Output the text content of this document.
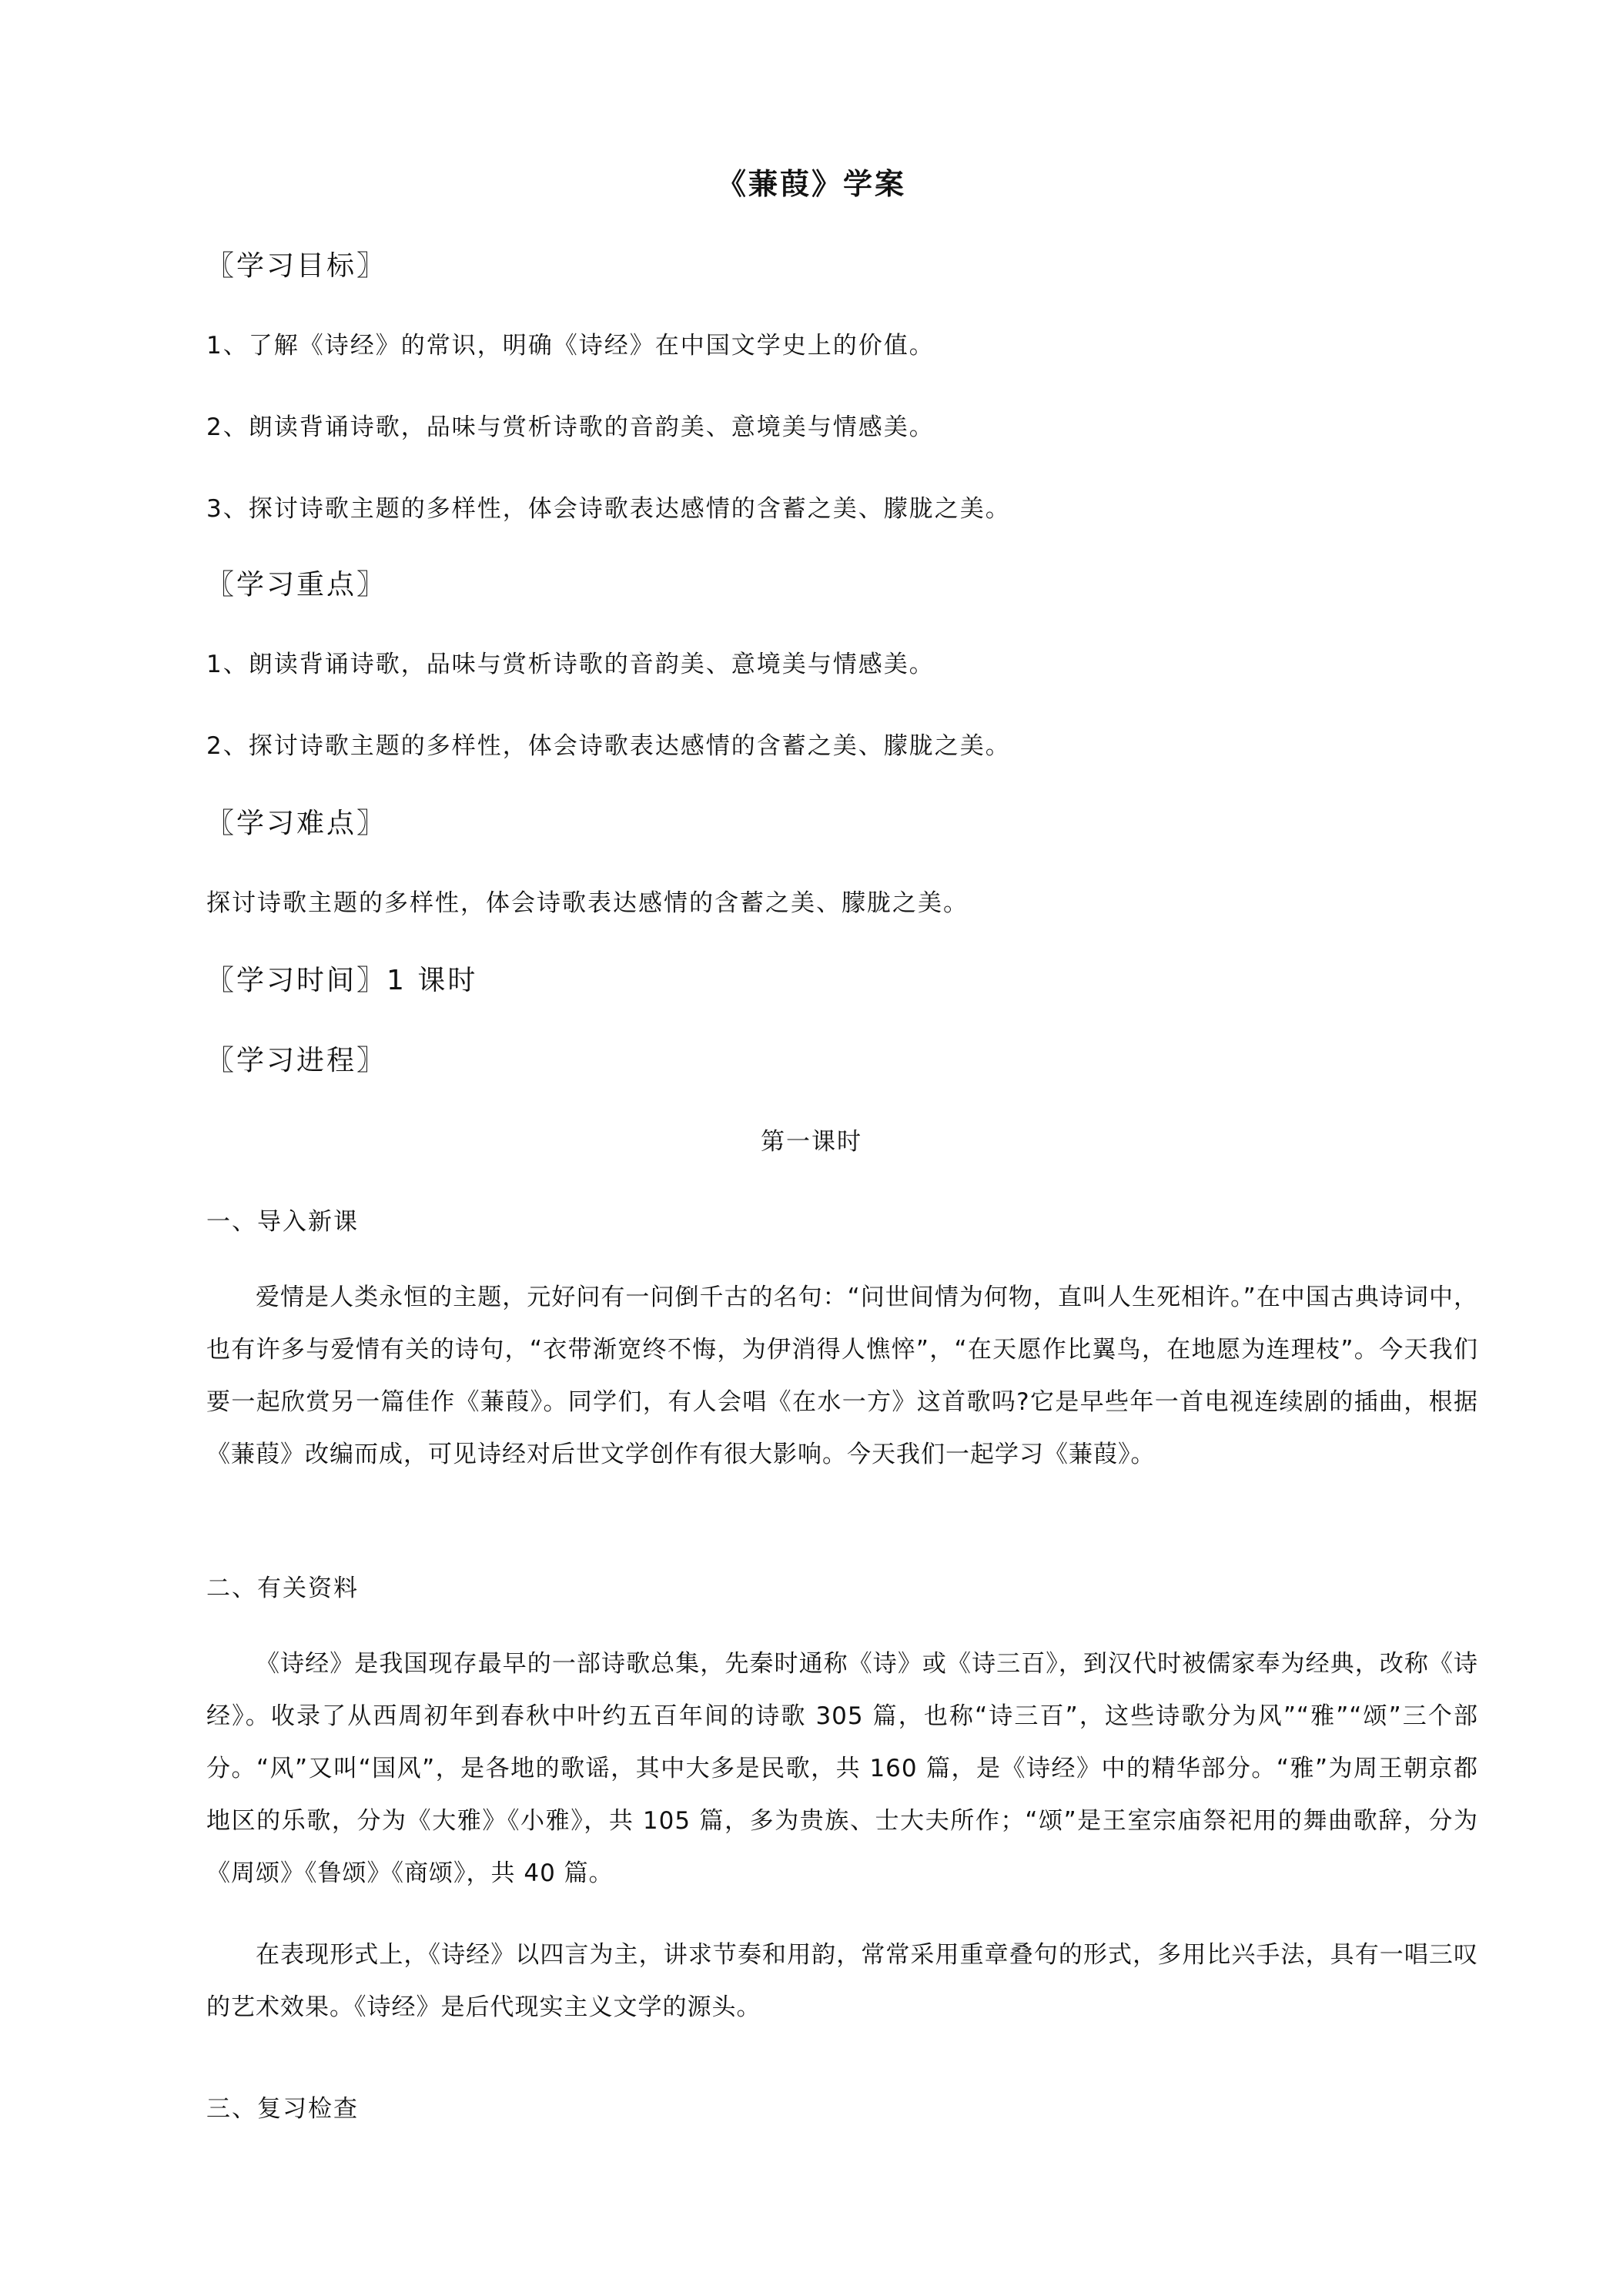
《蒹葭》学案

〖学习目标〗

1、了解《诗经》的常识，明确《诗经》在中国文学史上的价值。

2、朗读背诵诗歌，品味与赏析诗歌的音韵美、意境美与情感美。

3、探讨诗歌主题的多样性，体会诗歌表达感情的含蓄之美、朦胧之美。

〖学习重点〗

1、朗读背诵诗歌，品味与赏析诗歌的音韵美、意境美与情感美。

2、探讨诗歌主题的多样性，体会诗歌表达感情的含蓄之美、朦胧之美。

〖学习难点〗

探讨诗歌主题的多样性，体会诗歌表达感情的含蓄之美、朦胧之美。

〖学习时间〗1 课时

〖学习进程〗

第一课时

一、导入新课

爱情是人类永恒的主题，元好问有一问倒千古的名句：“问世间情为何物，直叫人生死相许。”在中国古典诗词中，也有许多与爱情有关的诗句，“衣带渐宽终不悔，为伊消得人憔悴”，“在天愿作比翼鸟，在地愿为连理枝”。今天我们要一起欣赏另一篇佳作《蒹葭》。同学们，有人会唱《在水一方》这首歌吗?它是早些年一首电视连续剧的插曲，根据《蒹葭》改编而成，可见诗经对后世文学创作有很大影响。今天我们一起学习《蒹葭》。

二、有关资料

《诗经》是我国现存最早的一部诗歌总集，先秦时通称《诗》或《诗三百》，到汉代时被儒家奉为经典，改称《诗经》。收录了从西周初年到春秋中叶约五百年间的诗歌 305 篇，也称“诗三百”，这些诗歌分为风”“雅”“颂”三个部分。“风”又叫“国风”，是各地的歌谣，其中大多是民歌，共 160 篇，是《诗经》中的精华部分。“雅”为周王朝京都地区的乐歌，分为《大雅》《小雅》，共 105 篇，多为贵族、士大夫所作；“颂”是王室宗庙祭祀用的舞曲歌辞，分为《周颂》《鲁颂》《商颂》，共 40 篇。

在表现形式上，《诗经》以四言为主，讲求节奏和用韵，常常采用重章叠句的形式，多用比兴手法，具有一唱三叹的艺术效果。《诗经》是后代现实主义文学的源头。

三、复习检查
